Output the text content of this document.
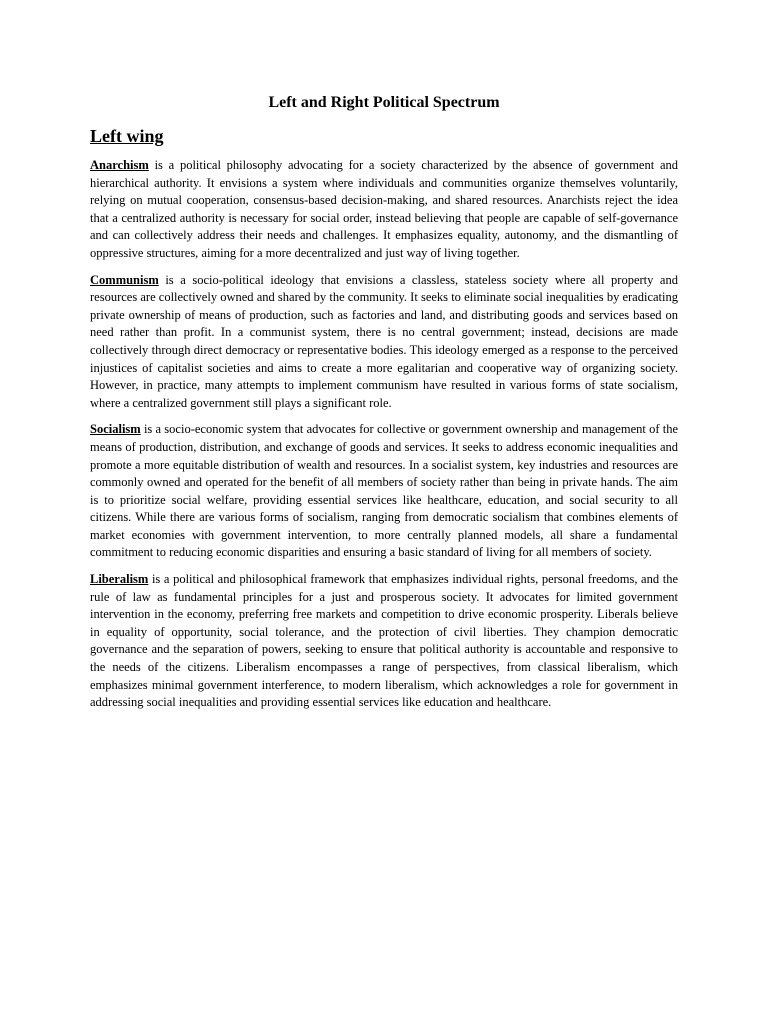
Left and Right Political Spectrum
Left wing

Anarchism is a political philosophy advocating for a society characterized by the absence of government and hierarchical authority. It envisions a system where individuals and communities organize themselves voluntarily, relying on mutual cooperation, consensus-based decision-making, and shared resources. Anarchists reject the idea that a centralized authority is necessary for social order, instead believing that people are capable of self-governance and can collectively address their needs and challenges. It emphasizes equality, autonomy, and the dismantling of oppressive structures, aiming for a more decentralized and just way of living together.

Communism is a socio-political ideology that envisions a classless, stateless society where all property and resources are collectively owned and shared by the community. It seeks to eliminate social inequalities by eradicating private ownership of means of production, such as factories and land, and distributing goods and services based on need rather than profit. In a communist system, there is no central government; instead, decisions are made collectively through direct democracy or representative bodies. This ideology emerged as a response to the perceived injustices of capitalist societies and aims to create a more egalitarian and cooperative way of organizing society. However, in practice, many attempts to implement communism have resulted in various forms of state socialism, where a centralized government still plays a significant role.

Socialism is a socio-economic system that advocates for collective or government ownership and management of the means of production, distribution, and exchange of goods and services. It seeks to address economic inequalities and promote a more equitable distribution of wealth and resources. In a socialist system, key industries and resources are commonly owned and operated for the benefit of all members of society rather than being in private hands. The aim is to prioritize social welfare, providing essential services like healthcare, education, and social security to all citizens. While there are various forms of socialism, ranging from democratic socialism that combines elements of market economies with government intervention, to more centrally planned models, all share a fundamental commitment to reducing economic disparities and ensuring a basic standard of living for all members of society.

Liberalism is a political and philosophical framework that emphasizes individual rights, personal freedoms, and the rule of law as fundamental principles for a just and prosperous society. It advocates for limited government intervention in the economy, preferring free markets and competition to drive economic prosperity. Liberals believe in equality of opportunity, social tolerance, and the protection of civil liberties. They champion democratic governance and the separation of powers, seeking to ensure that political authority is accountable and responsive to the needs of the citizens. Liberalism encompasses a range of perspectives, from classical liberalism, which emphasizes minimal government interference, to modern liberalism, which acknowledges a role for government in addressing social inequalities and providing essential services like education and healthcare.
